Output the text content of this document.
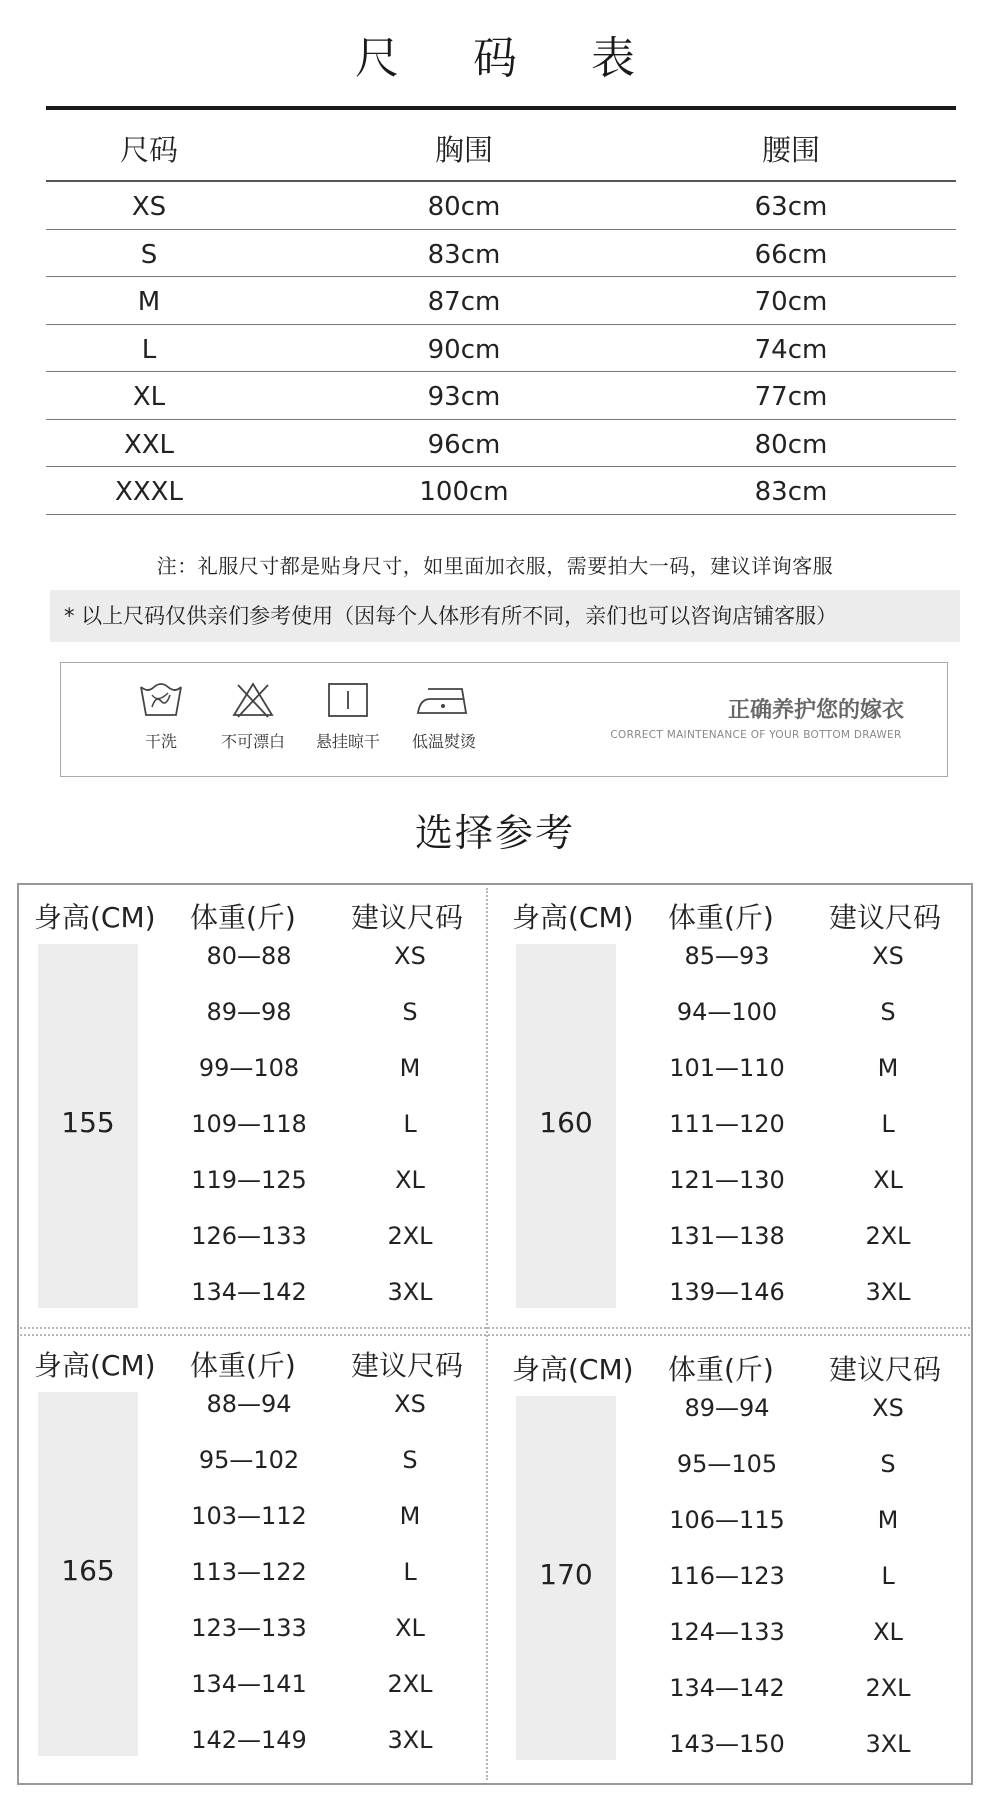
尺 码 表
尺码	胸围	腰围
XS	80cm	63cm
S	83cm	66cm
M	87cm	70cm
L	90cm	74cm
XL	93cm	77cm
XXL	96cm	80cm
XXXL	100cm	83cm
注：礼服尺寸都是贴身尺寸，如里面加衣服，需要拍大一码，建议详询客服
* 以上尺码仅供亲们参考使用（因每个人体形有所不同，亲们也可以咨询店铺客服）
干洗	不可漂白	悬挂晾干	低温熨烫
正确养护您的嫁衣
CORRECT MAINTENANCE OF YOUR BOTTOM DRAWER
选择参考
身高(CM) 体重(斤) 建议尺码
155
80—88	XS
89—98	S
99—108	M
109—118	L
119—125	XL
126—133	2XL
134—142	3XL
身高(CM) 体重(斤) 建议尺码
160
85—93	XS
94—100	S
101—110	M
111—120	L
121—130	XL
131—138	2XL
139—146	3XL
身高(CM) 体重(斤) 建议尺码
165
88—94	XS
95—102	S
103—112	M
113—122	L
123—133	XL
134—141	2XL
142—149	3XL
身高(CM) 体重(斤) 建议尺码
170
89—94	XS
95—105	S
106—115	M
116—123	L
124—133	XL
134—142	2XL
143—150	3XL
